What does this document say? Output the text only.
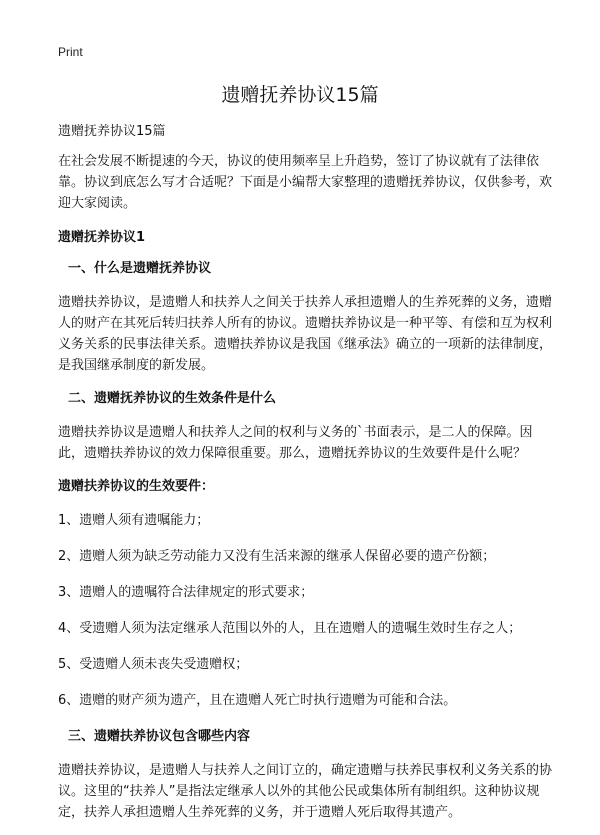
Print
遗赠抚养协议15篇

遗赠抚养协议15篇

在社会发展不断提速的今天，协议的使用频率呈上升趋势，签订了协议就有了法律依靠。协议到底怎么写才合适呢？下面是小编帮大家整理的遗赠抚养协议，仅供参考，欢迎大家阅读。

遗赠抚养协议1

一、什么是遗赠抚养协议

遗赠扶养协议，是遗赠人和扶养人之间关于扶养人承担遗赠人的生养死葬的义务，遗赠人的财产在其死后转归扶养人所有的协议。遗赠扶养协议是一种平等、有偿和互为权利义务关系的民事法律关系。遗赠扶养协议是我国《继承法》确立的一项新的法律制度，是我国继承制度的新发展。

二、遗赠抚养协议的生效条件是什么

遗赠扶养协议是遗赠人和扶养人之间的权利与义务的`书面表示，是二人的保障。因此，遗赠扶养协议的效力保障很重要。那么，遗赠抚养协议的生效要件是什么呢？

遗赠扶养协议的生效要件：

1、遗赠人须有遗嘱能力；

2、遗赠人须为缺乏劳动能力又没有生活来源的继承人保留必要的遗产份额；

3、遗赠人的遗嘱符合法律规定的形式要求；

4、受遗赠人须为法定继承人范围以外的人，且在遗赠人的遗嘱生效时生存之人；

5、受遗赠人须未丧失受遗赠权；

6、遗赠的财产须为遗产，且在遗赠人死亡时执行遗赠为可能和合法。

三、遗赠扶养协议包含哪些内容

遗赠扶养协议，是遗赠人与扶养人之间订立的，确定遗赠与扶养民事权利义务关系的协议。这里的“扶养人”是指法定继承人以外的其他公民或集体所有制组织。这种协议规定，扶养人承担遗赠人生养死葬的义务，并于遗赠人死后取得其遗产。
